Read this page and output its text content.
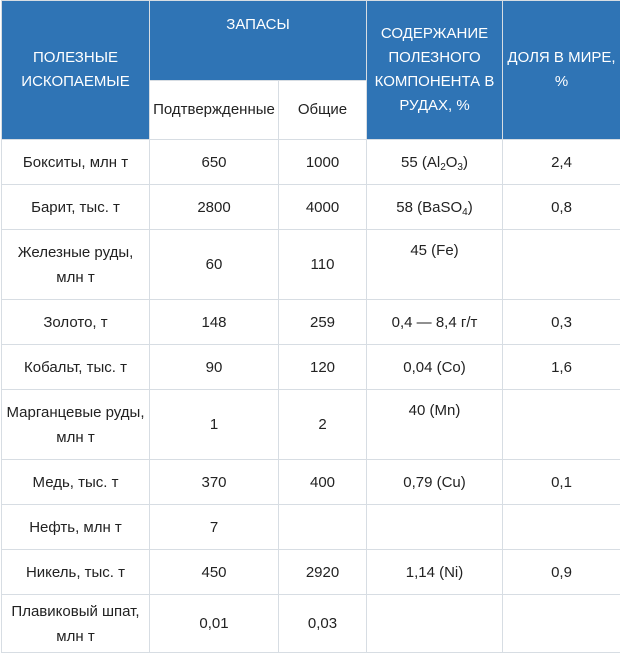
ПОЛЕЗНЫЕ ИСКОПАЕМЫЕ	ЗАПАСЫ		СОДЕРЖАНИЕ ПОЛЕЗНОГО КОМПОНЕНТА В РУДАХ, %	ДОЛЯ В МИРЕ, %
	Подтвержденные	Общие		
Бокситы, млн т	650	1000	55 $(Al_2O_3)$	2,4
Барит, тыс. т	2800	4000	58 (BaSO$_4$)	0,8
Железные руды, млн т	60	110	45 (Fe)	
Золото, т	148	259	0,4 — 8,4 г/т	0,3
Кобальт, тыс. т	90	120	0,04 (Co)	1,6
Марганцевые руды, млн т	1	2	40 (Mn)	
Медь, тыс. т	370	400	0,79 (Cu)	0,1
Нефть, млн т	7			
Никель, тыс. т	450	2920	1,14 (Ni)	0,9
Плавиковый шпат, млн т	0,01	0,03		
